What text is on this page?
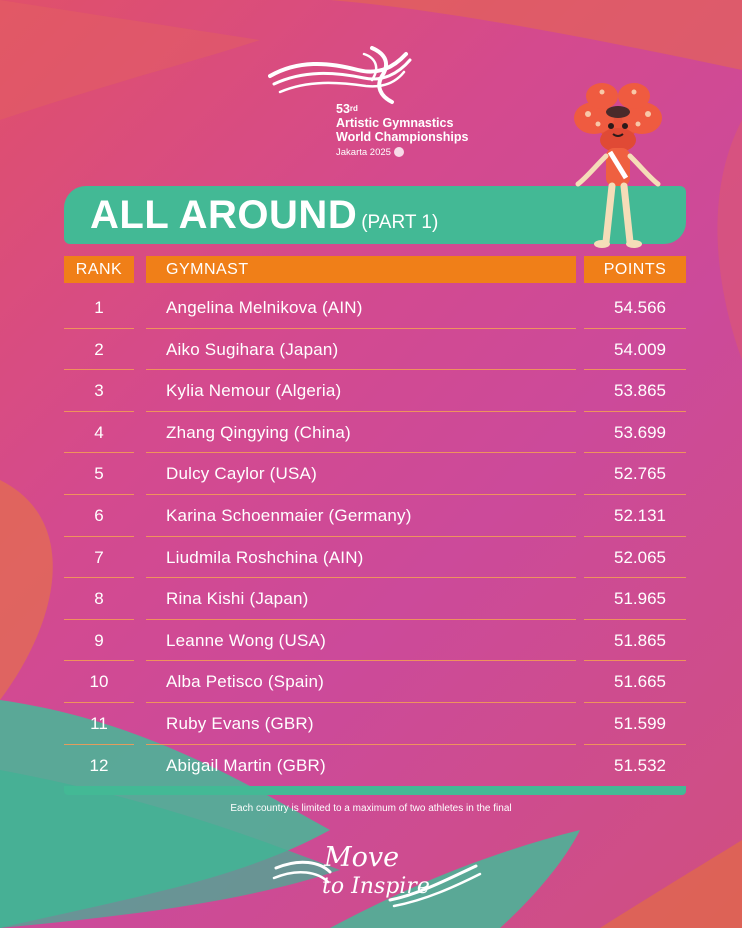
53rd
Artistic Gymnastics
World Championships
Jakarta 2025
ALL AROUND (PART 1)
RANK	GYMNAST	POINTS
1	Angelina Melnikova (AIN)	54.566
2	Aiko Sugihara (Japan)	54.009
3	Kylia Nemour (Algeria)	53.865
4	Zhang Qingying (China)	53.699
5	Dulcy Caylor (USA)	52.765
6	Karina Schoenmaier (Germany)	52.131
7	Liudmila Roshchina (AIN)	52.065
8	Rina Kishi (Japan)	51.965
9	Leanne Wong (USA)	51.865
10	Alba Petisco (Spain)	51.665
11	Ruby Evans (GBR)	51.599
12	Abigail Martin (GBR)	51.532
Each country is limited to a maximum of two athletes in the final
Move
to Inspire
